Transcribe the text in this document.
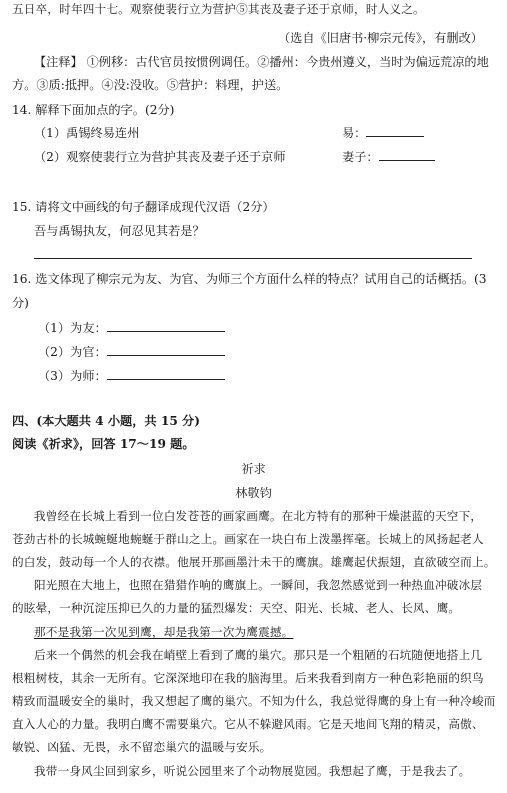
五日卒，时年四十七。观察使裴行立为营护⑤其丧及妻子还于京师，时人义之。
（选自《旧唐书·柳宗元传》，有删改）
【注释】 ①例移：古代官员按惯例调任。②播州：今贵州遵义，当时为偏远荒凉的地
方。③质:抵押。④没:没收。⑤营护：料理，护送。
14. 解释下面加点的字。(2分)
（1）禹锡终易连州	易：
（2）观察使裴行立为营护其丧及妻子还于京师	妻子：
15. 请将文中画线的句子翻译成现代汉语（2分）
吾与禹锡执友，何忍见其若是？
16. 选文体现了柳宗元为友、为官、为师三个方面什么样的特点？试用自己的话概括。(3
分)
（1）为友：
（2）为官：
（3）为师：
四、(本大题共 4 小题，共 15 分)
阅读《祈求》，回答 17～19 题。
祈求
林敬钧
我曾经在长城上看到一位白发苍苍的画家画鹰。在北方特有的那种干燥湛蓝的天空下，
苍劲古朴的长城蜿蜒地蜿蜒于群山之上。画家在一块白布上泼墨挥毫。长城上的风扬起老人
的白发，鼓动每一个人的衣襟。他展开那画墨汁未干的鹰旗。雄鹰起伏振翅，直欲破空而上。
阳光照在大地上，也照在猎猎作响的鹰旗上。一瞬间，我忽然感觉到一种热血冲破冰层
的眩晕，一种沉淀压抑已久的力量的猛烈爆发：天空、阳光、长城、老人、长风、鹰。
那不是我第一次见到鹰，却是我第一次为鹰震撼。
后来一个偶然的机会我在峭壁上看到了鹰的巢穴。那只是一个粗陋的石坑随便地搭上几
根粗树枝，其余一无所有。它深深地印在我的脑海里。后来我看到南方一种色彩艳丽的织鸟
精致而温暖安全的巢时，我又想起了鹰的巢穴。不知为什么，我总觉得鹰的身上有一种冷峻而
直入人心的力量。我明白鹰不需要巢穴。它从不躲避风雨。它是天地间飞翔的精灵，高傲、
敏锐、凶猛、无畏，永不留恋巢穴的温暖与安乐。
我带一身风尘回到家乡，听说公园里来了个动物展览园。我想起了鹰，于是我去了。
